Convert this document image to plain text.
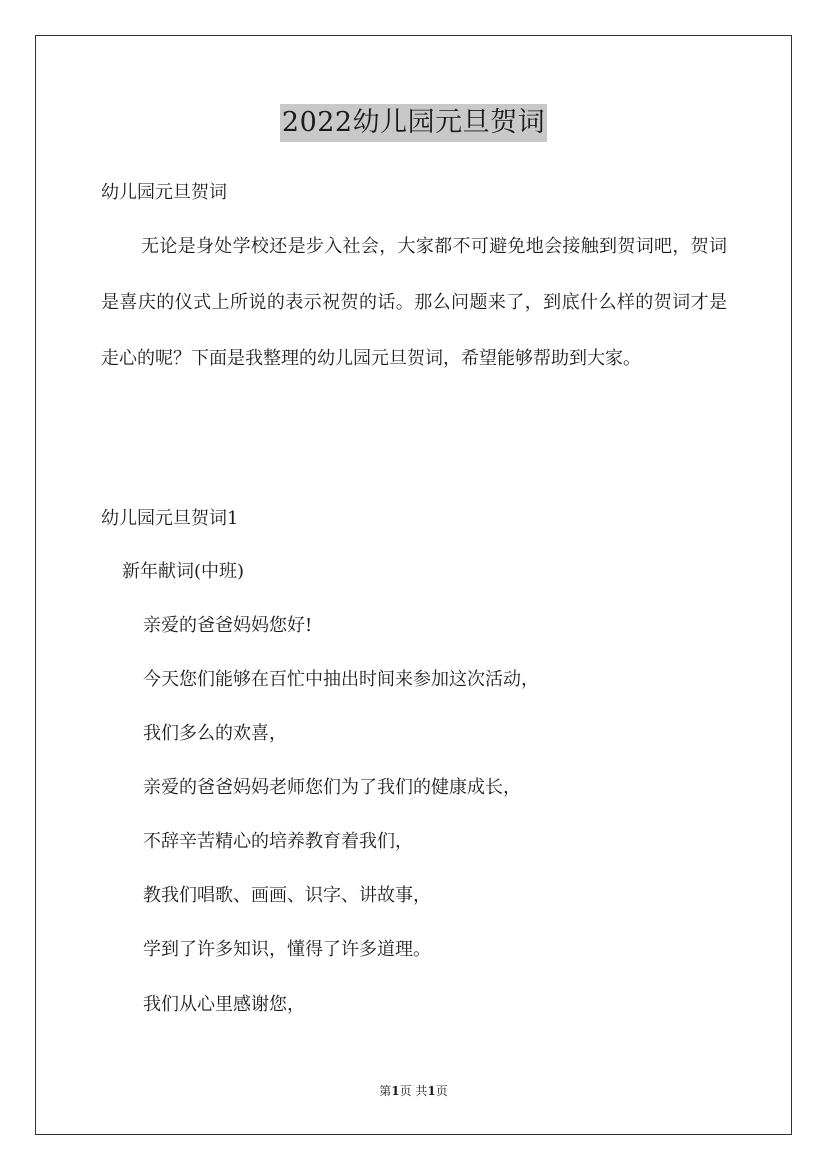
2022幼儿园元旦贺词
幼儿园元旦贺词
无论是身处学校还是步入社会，大家都不可避免地会接触到贺词吧，贺词是喜庆的仪式上所说的表示祝贺的话。那么问题来了，到底什么样的贺词才是走心的呢？下面是我整理的幼儿园元旦贺词，希望能够帮助到大家。
幼儿园元旦贺词1
新年献词(中班)
亲爱的爸爸妈妈您好!
今天您们能够在百忙中抽出时间来参加这次活动，
我们多么的欢喜，
亲爱的爸爸妈妈老师您们为了我们的健康成长，
不辞辛苦精心的培养教育着我们，
教我们唱歌、画画、识字、讲故事，
学到了许多知识，懂得了许多道理。
我们从心里感谢您，
第1页 共1页
